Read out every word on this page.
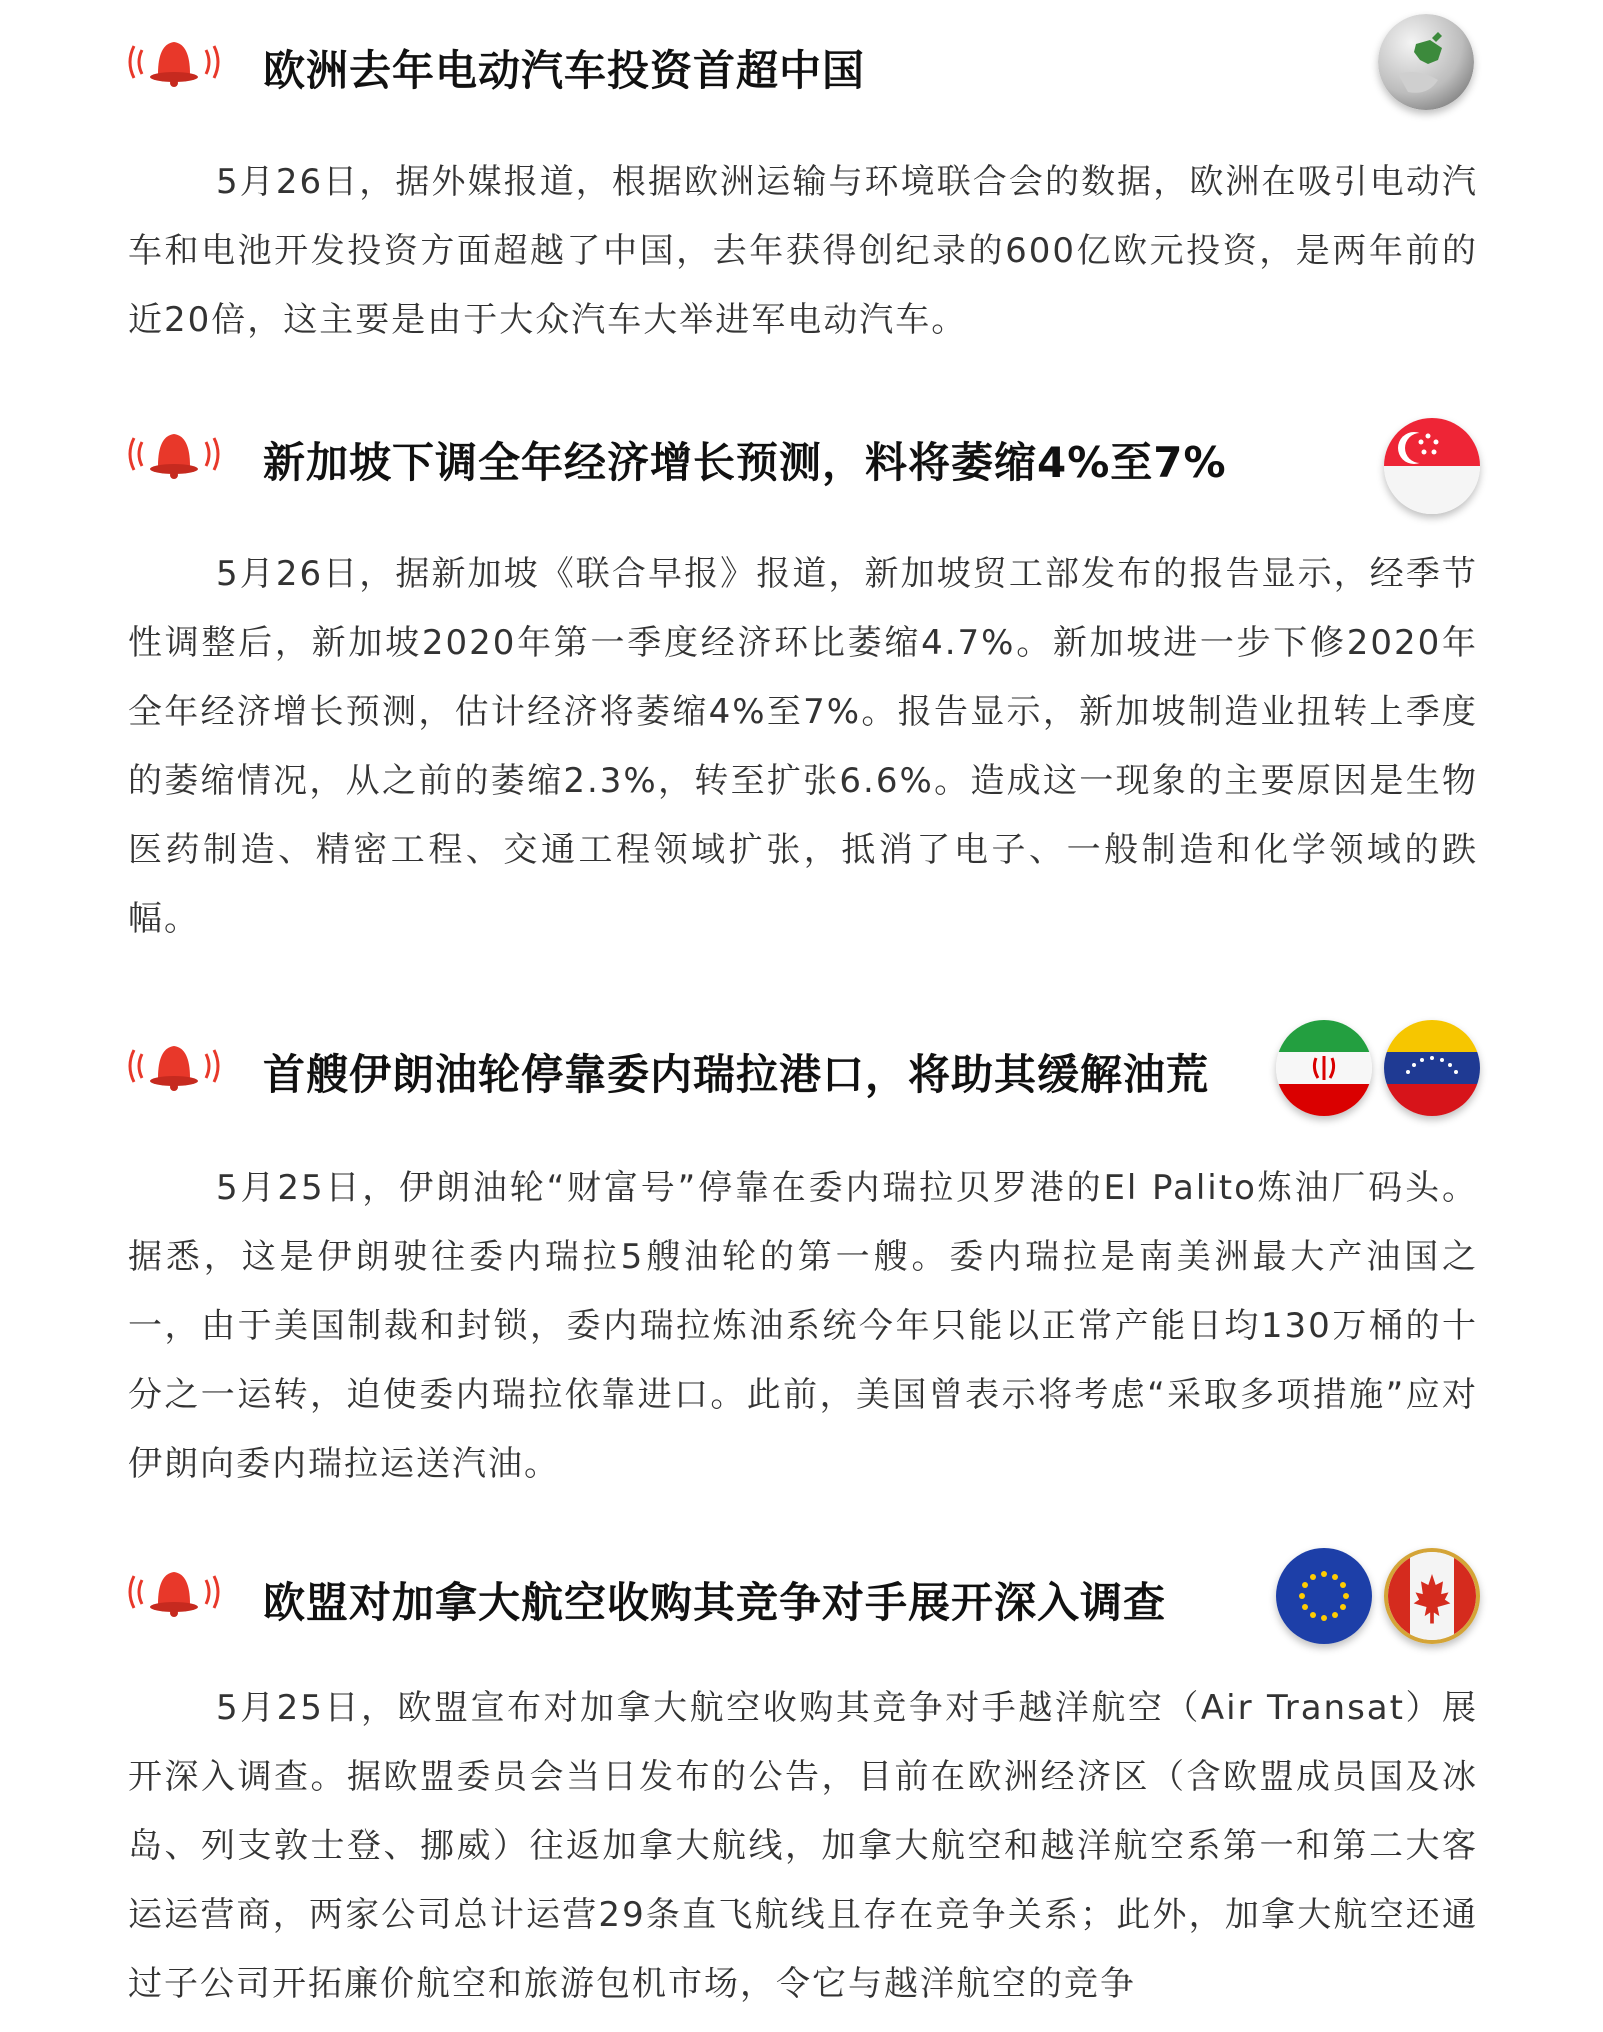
欧洲去年电动汽车投资首超中国

5月26日，据外媒报道，根据欧洲运输与环境联合会的数据，欧洲在吸引电动汽车和电池开发投资方面超越了中国，去年获得创纪录的600亿欧元投资，是两年前的近20倍，这主要是由于大众汽车大举进军电动汽车。

新加坡下调全年经济增长预测，料将萎缩4%至7%

5月26日，据新加坡《联合早报》报道，新加坡贸工部发布的报告显示，经季节性调整后，新加坡2020年第一季度经济环比萎缩4.7%。新加坡进一步下修2020年全年经济增长预测，估计经济将萎缩4%至7%。报告显示，新加坡制造业扭转上季度的萎缩情况，从之前的萎缩2.3%，转至扩张6.6%。造成这一现象的主要原因是生物医药制造、精密工程、交通工程领域扩张，抵消了电子、一般制造和化学领域的跌幅。

首艘伊朗油轮停靠委内瑞拉港口，将助其缓解油荒

5月25日，伊朗油轮“财富号”停靠在委内瑞拉贝罗港的El Palito炼油厂码头。据悉，这是伊朗驶往委内瑞拉5艘油轮的第一艘。委内瑞拉是南美洲最大产油国之一，由于美国制裁和封锁，委内瑞拉炼油系统今年只能以正常产能日均130万桶的十分之一运转，迫使委内瑞拉依靠进口。此前，美国曾表示将考虑“采取多项措施”应对伊朗向委内瑞拉运送汽油。

欧盟对加拿大航空收购其竞争对手展开深入调查

5月25日，欧盟宣布对加拿大航空收购其竞争对手越洋航空（Air Transat）展开深入调查。据欧盟委员会当日发布的公告，目前在欧洲经济区（含欧盟成员国及冰岛、列支敦士登、挪威）往返加拿大航线，加拿大航空和越洋航空系第一和第二大客运运营商，两家公司总计运营29条直飞航线且存在竞争关系；此外，加拿大航空还通过子公司开拓廉价航空和旅游包机市场，令它与越洋航空的竞争
